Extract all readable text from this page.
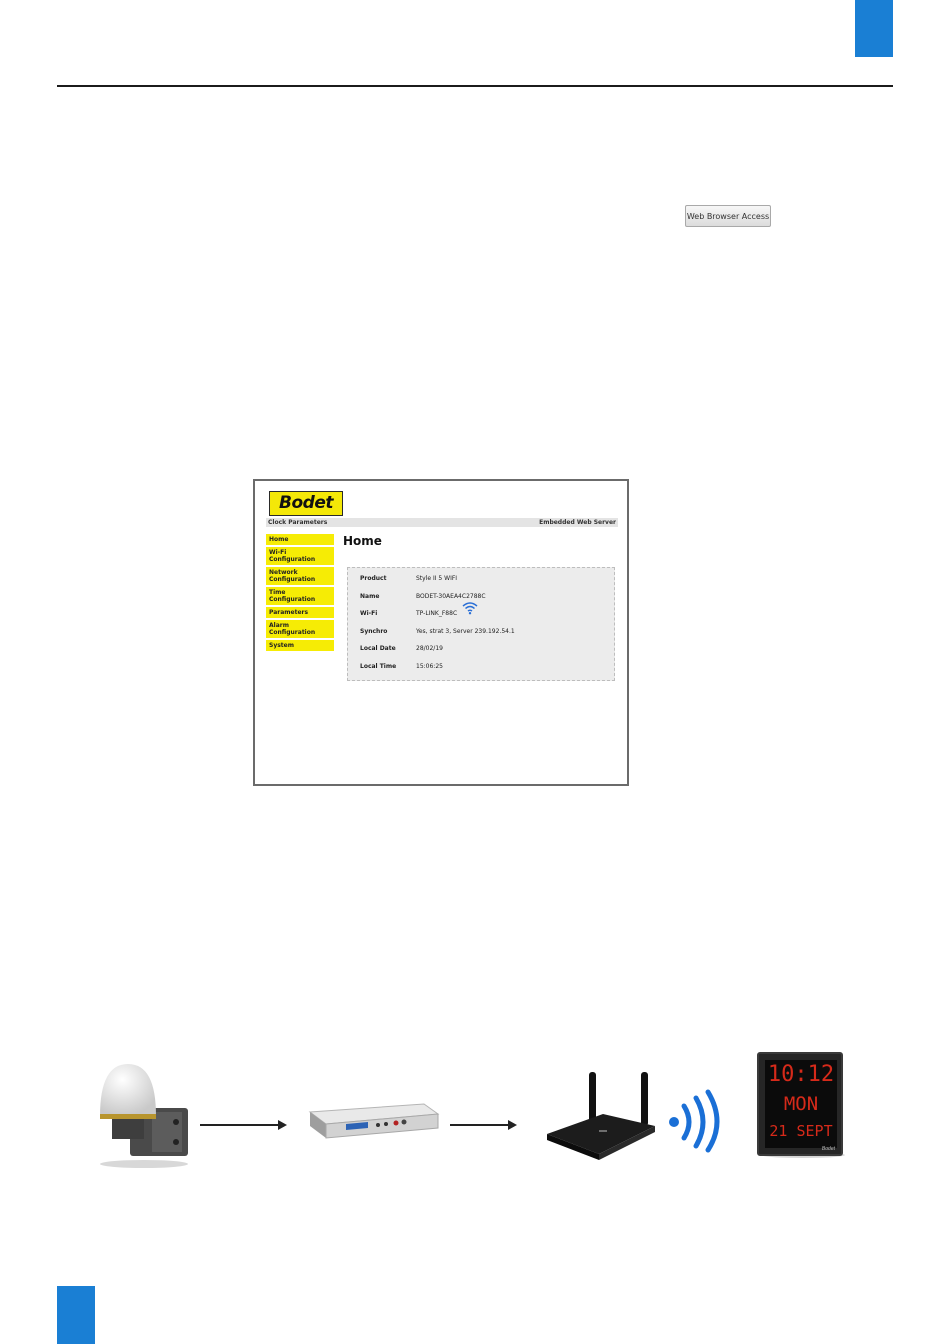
Web Browser Access
Bodet
Clock Parameters	Embedded Web Server
Home
Wi-Fi Configuration
Network Configuration
Time Configuration
Parameters
Alarm Configuration
System
Home
Product	Style II 5 WIFI
Name	BODET-30AEA4C2788C
Wi-Fi	TP-LINK_F88C
Synchro	Yes, strat 3, Server 239.192.54.1
Local Date	28/02/19
Local Time	15:06:25
10:12
MON
21 SEPT
Bodet
